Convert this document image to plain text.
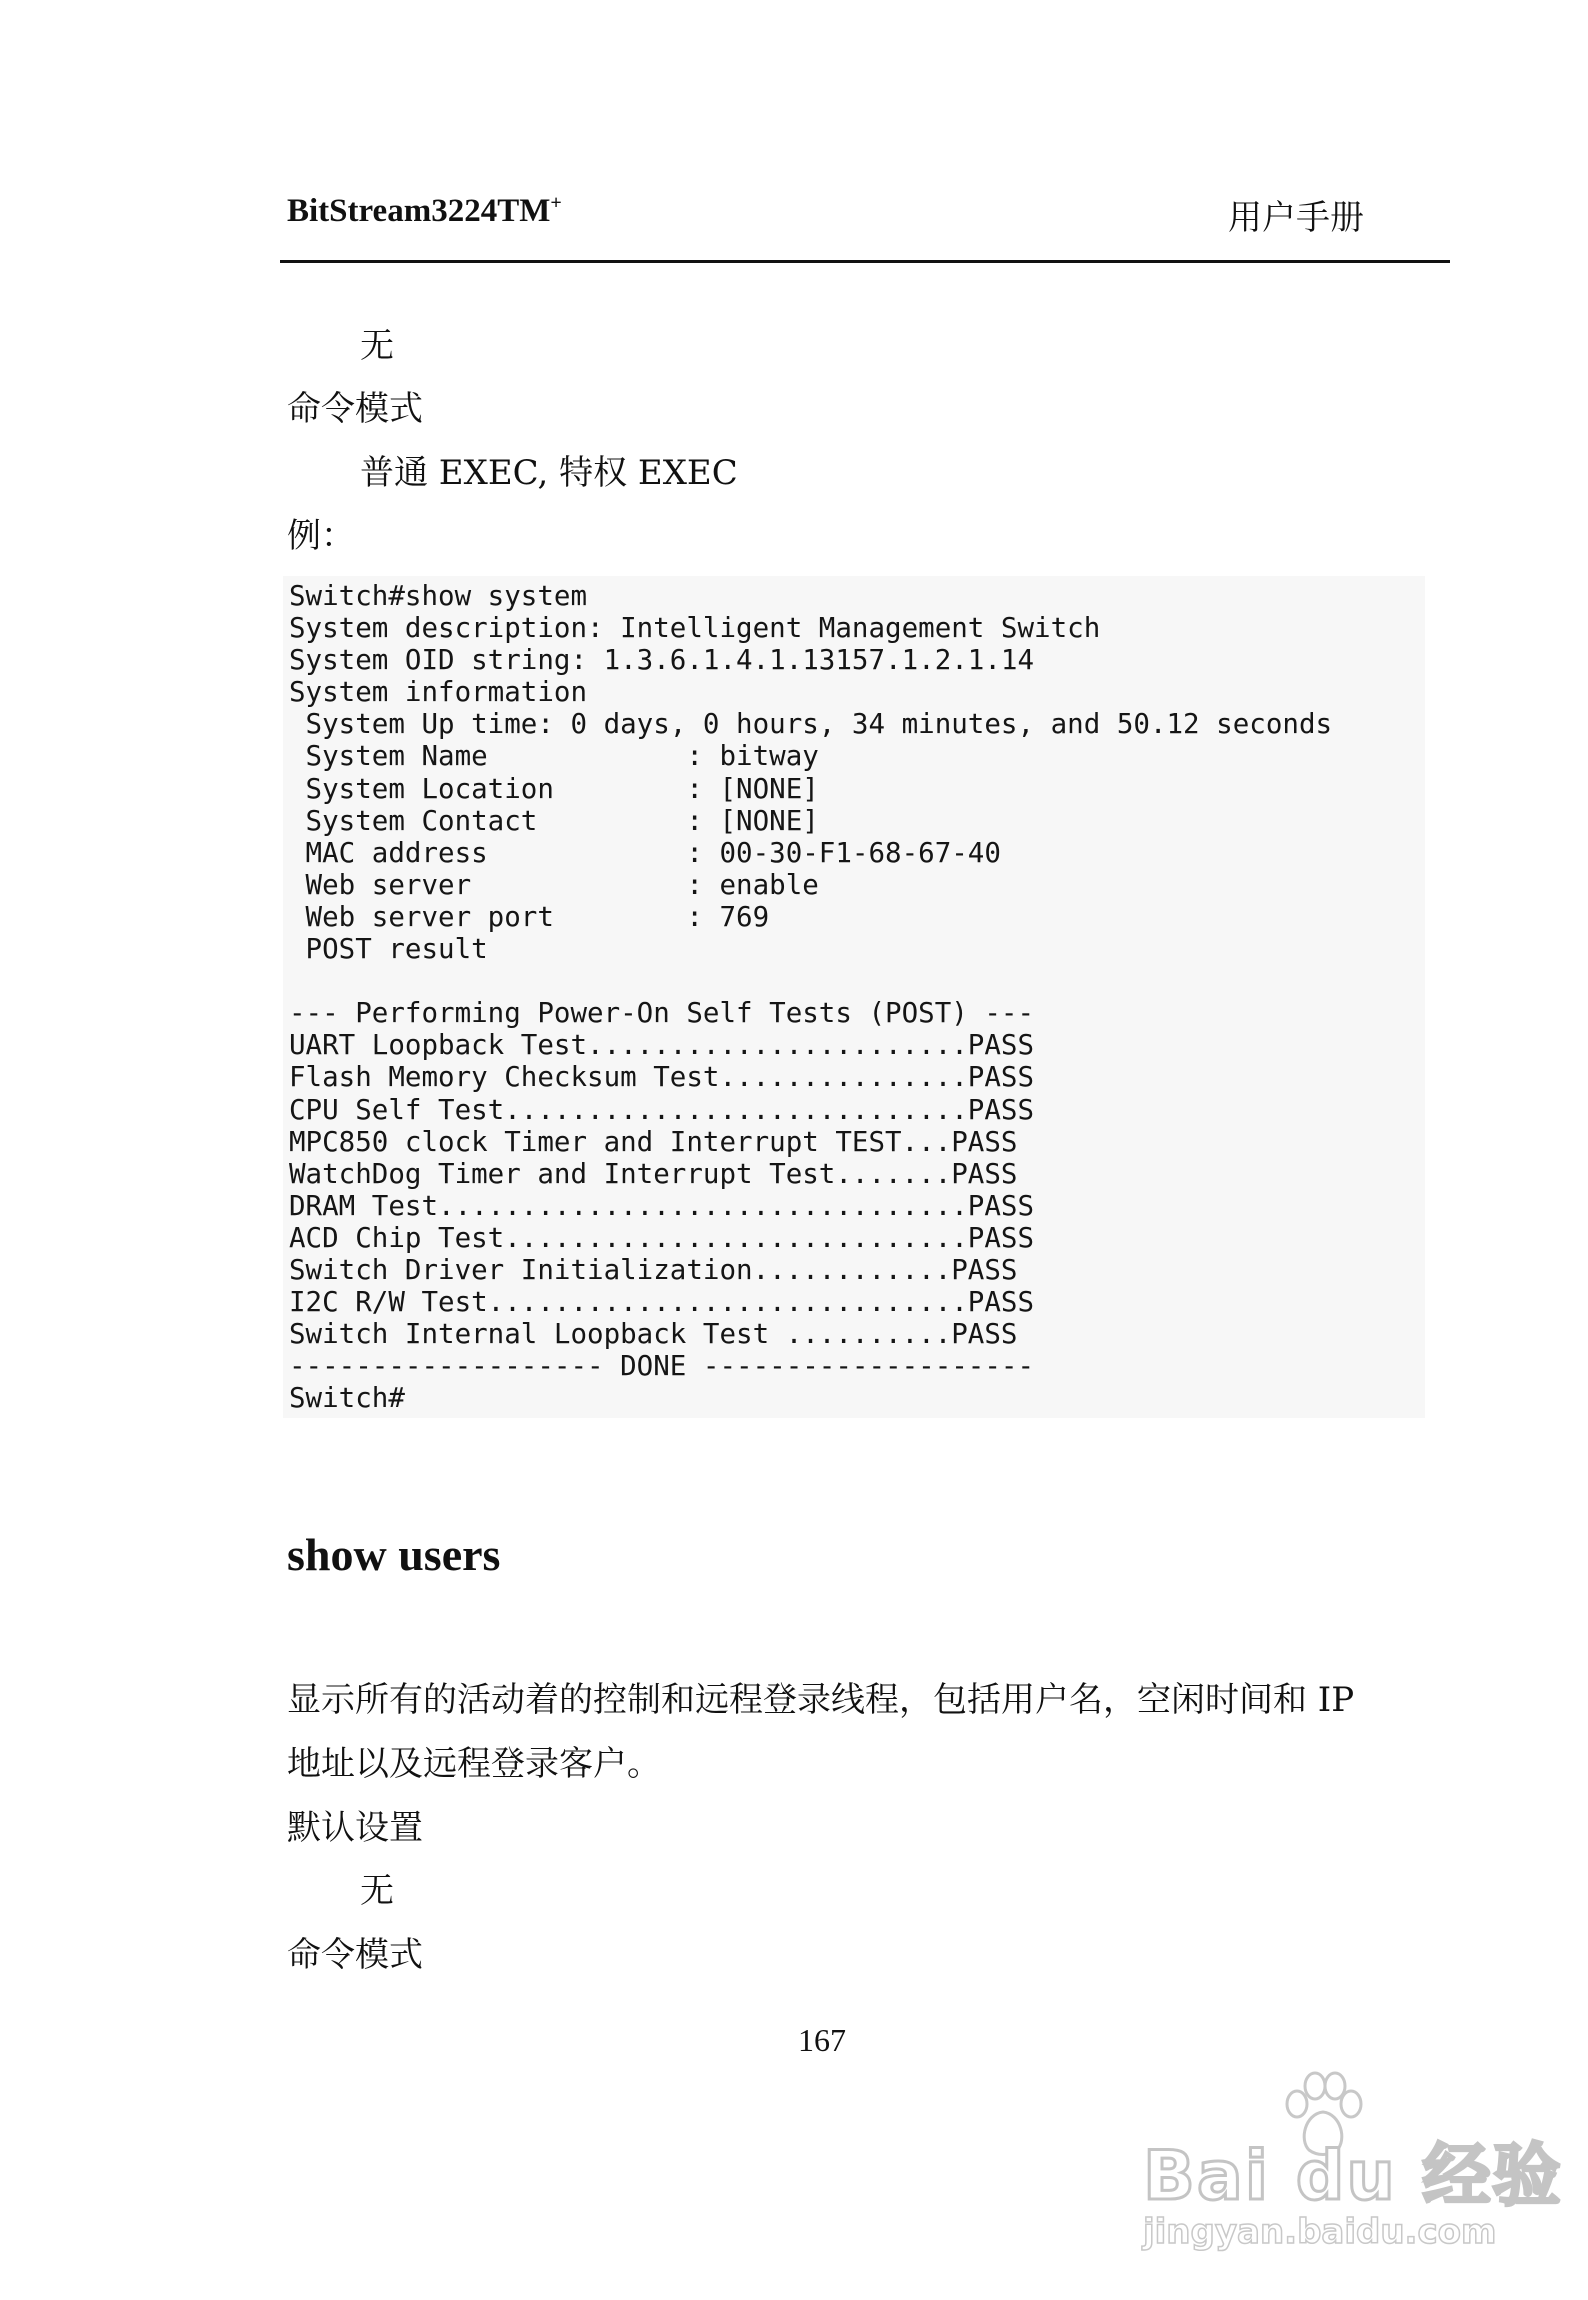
BitStream3224TM+	用户手册
无
命令模式
普通 EXEC, 特权 EXEC
例：
Switch#show system
System description: Intelligent Management Switch
System OID string: 1.3.6.1.4.1.13157.1.2.1.14
System information
System Up time: 0 days, 0 hours, 34 minutes, and 50.12 seconds
System Name            : bitway
System Location        : [NONE]
System Contact         : [NONE]
MAC address            : 00-30-F1-68-67-40
Web server             : enable
Web server port        : 769
POST result
--- Performing Power-On Self Tests (POST) ---
UART Loopback Test.......................PASS
Flash Memory Checksum Test...............PASS
CPU Self Test............................PASS
MPC850 clock Timer and Interrupt TEST...PASS
WatchDog Timer and Interrupt Test.......PASS
DRAM Test................................PASS
ACD Chip Test............................PASS
Switch Driver Initialization............PASS
I2C R/W Test.............................PASS
Switch Internal Loopback Test ..........PASS
------------------- DONE --------------------
Switch#
show users
显示所有的活动着的控制和远程登录线程，包括用户名，空闲时间和 IP
地址以及远程登录客户。
默认设置
无
命令模式
167
Bai du 经验
jingyan.baidu.com
